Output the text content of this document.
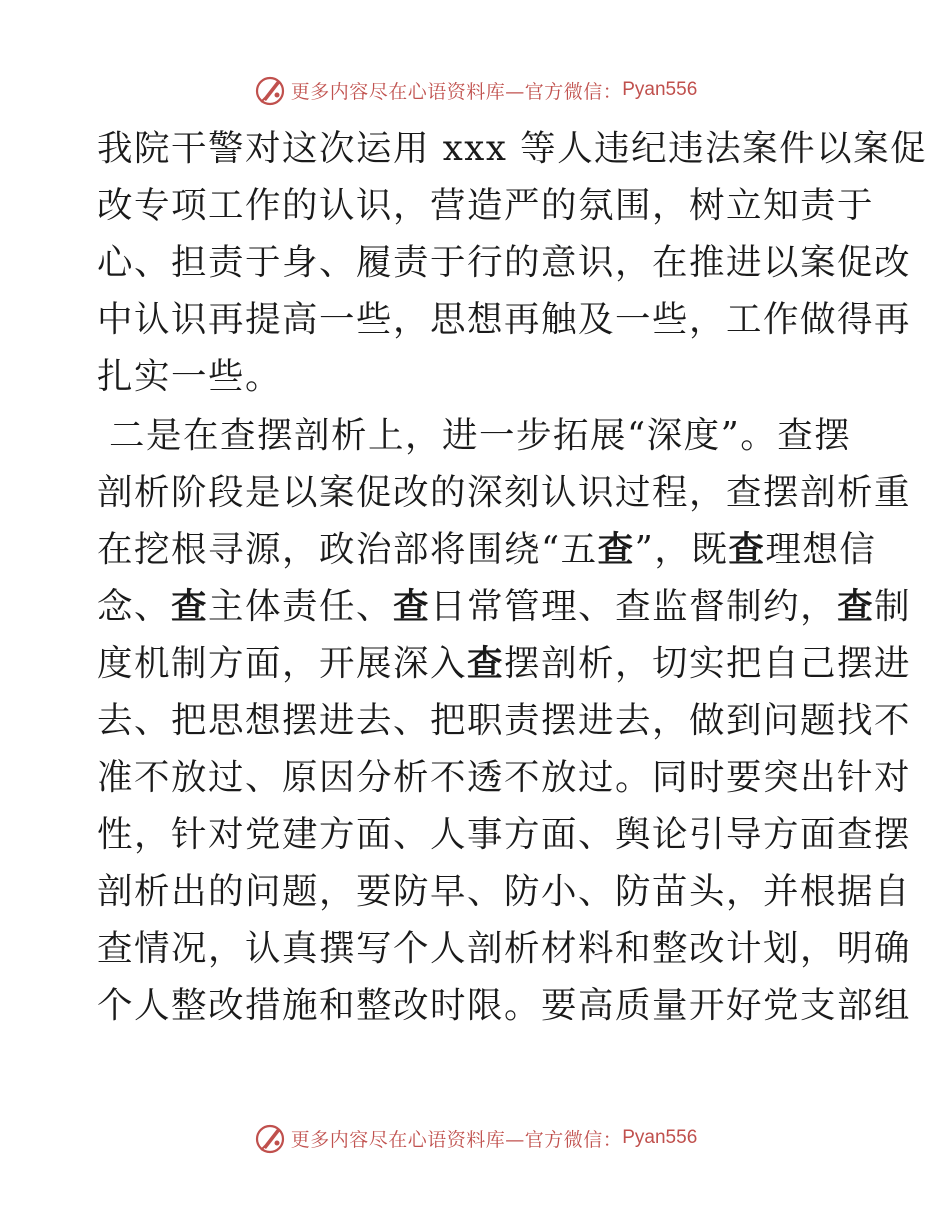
更多内容尽在心语资料库—官方微信： Pyan556
我院干警对这次运用 xxx 等人违纪违法案件以案促
改专项工作的认识，营造严的氛围，树立知责于
心、担责于身、履责于行的意识，在推进以案促改
中认识再提高一些，思想再触及一些，工作做得再
扎实一些。
二是在查摆剖析上，进一步拓展“深度”。查摆
剖析阶段是以案促改的深刻认识过程，查摆剖析重
在挖根寻源，政治部将围绕“五查”，既查理想信
念、查主体责任、查日常管理、查监督制约，查制
度机制方面，开展深入查摆剖析，切实把自己摆进
去、把思想摆进去、把职责摆进去，做到问题找不
准不放过、原因分析不透不放过。同时要突出针对
性，针对党建方面、人事方面、舆论引导方面查摆
剖析出的问题，要防早、防小、防苗头，并根据自
查情况，认真撰写个人剖析材料和整改计划，明确
个人整改措施和整改时限。要高质量开好党支部组
更多内容尽在心语资料库—官方微信： Pyan556
